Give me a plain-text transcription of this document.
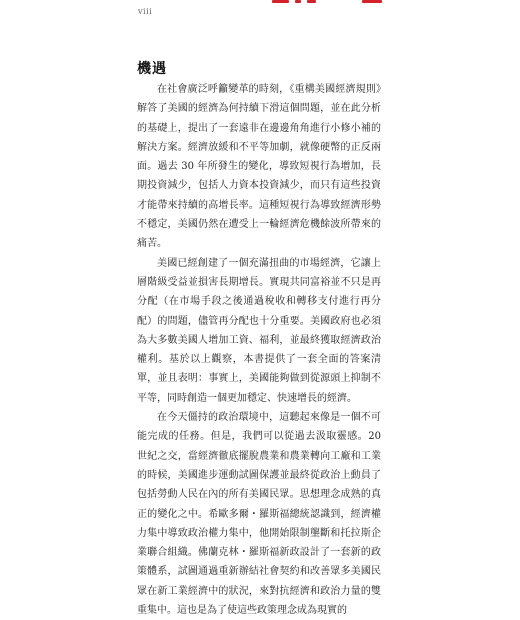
viii
機遇

在社會廣泛呼籲變革的時刻，《重構美國經濟規則》解答了美國的經濟為何持續下滑這個問題，並在此分析的基礎上，提出了一套遠非在邊邊角角進行小修小補的解決方案。經濟放緩和不平等加劇，就像硬幣的正反兩面。過去 30 年所發生的變化，導致短視行為增加，長期投資減少，包括人力資本投資減少，而只有這些投資才能帶來持續的高增長率。這種短視行為導致經濟形勢不穩定，美國仍然在遭受上一輪經濟危機餘波所帶來的痛苦。

美國已經創建了一個充滿扭曲的市場經濟，它讓上層階級受益並損害長期增長。實現共同富裕並不只是再分配（在市場手段之後通過稅收和轉移支付進行再分配）的問題，儘管再分配也十分重要。美國政府也必須為大多數美國人增加工資、福利，並最終獲取經濟政治權利。基於以上觀察，本書提供了一套全面的答案清單，並且表明：事實上，美國能夠做到從源頭上抑制不平等，同時創造一個更加穩定、快速增長的經濟。

在今天僵持的政治環境中，這聽起來像是一個不可能完成的任務。但是，我們可以從過去汲取靈感。20 世紀之交，當經濟徹底擺脫農業和農業轉向工廠和工業的時候，美國進步運動試圖保護並最終從政治上動員了包括勞動人民在內的所有美國民眾。思想理念成熟的真正的變化之中。希歐多爾・羅斯福總統認識到，經濟權力集中導致政治權力集中，他開始限制壟斷和托拉斯企業聯合組織。佛蘭克林・羅斯福新政設計了一套新的政策體系，試圖通過重新辦結社會契約和改善眾多美國民眾在新工業經濟中的狀況，來對抗經濟和政治力量的雙重集中。這也是為了使這些政策理念成為現實的
